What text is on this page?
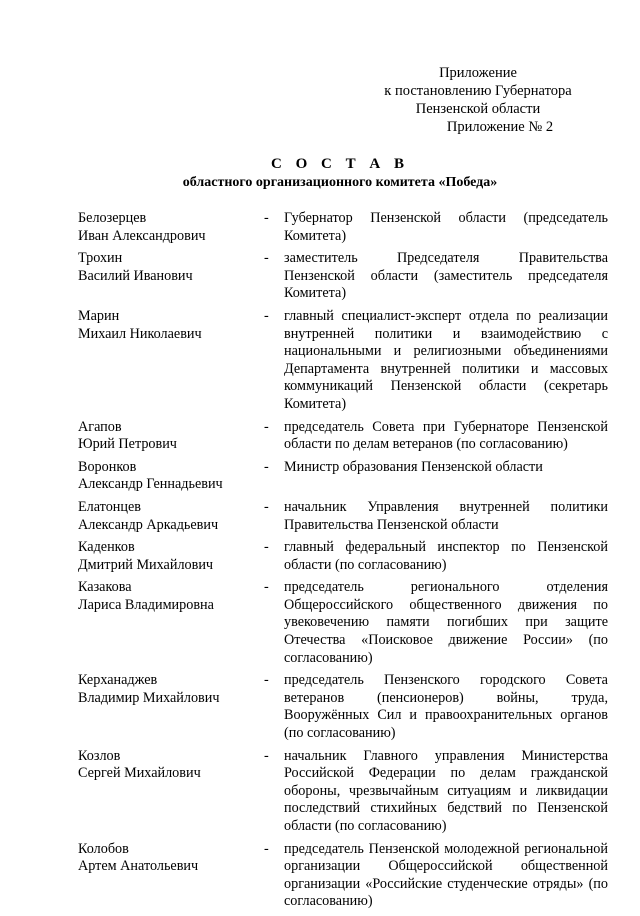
Приложение
к постановлению Губернатора
Пензенской области
Приложение № 2
С О С Т А В
областного организационного комитета «Победа»
Белозерцев
Иван Александрович
-	Губернатор Пензенской области (председатель Комитета)
Трохин
Василий Иванович
-	заместитель Председателя Правительства Пензенской области (заместитель председателя Комитета)
Марин
Михаил Николаевич
-	главный специалист-эксперт отдела по реализации внутренней политики и взаимодействию с национальными и религиозными объединениями Департамента внутренней политики и массовых коммуникаций Пензенской области (секретарь Комитета)
Агапов
Юрий Петрович
-	председатель Совета при Губернаторе Пензенской области по делам ветеранов (по согласованию)
Воронков
Александр Геннадьевич
-	Министр образования Пензенской области
Елатонцев
Александр Аркадьевич
-	начальник Управления внутренней политики Правительства Пензенской области
Каденков
Дмитрий Михайлович
-	главный федеральный инспектор по Пензенской области (по согласованию)
Казакова
Лариса Владимировна
-	председатель регионального отделения Общероссийского общественного движения по увековечению памяти погибших при защите Отечества «Поисковое движение России» (по согласованию)
Керханаджев
Владимир Михайлович
-	председатель Пензенского городского Совета ветеранов (пенсионеров) войны, труда, Вооружённых Сил и правоохранительных органов (по согласованию)
Козлов
Сергей Михайлович
-	начальник Главного управления Министерства Российской Федерации по делам гражданской обороны, чрезвычайным ситуациям и ликвидации последствий стихийных бедствий по Пензенской области (по согласованию)
Колобов
Артем Анатольевич
-	председатель Пензенской молодежной региональной организации Общероссийской общественной организации «Российские студенческие отряды» (по согласованию)
